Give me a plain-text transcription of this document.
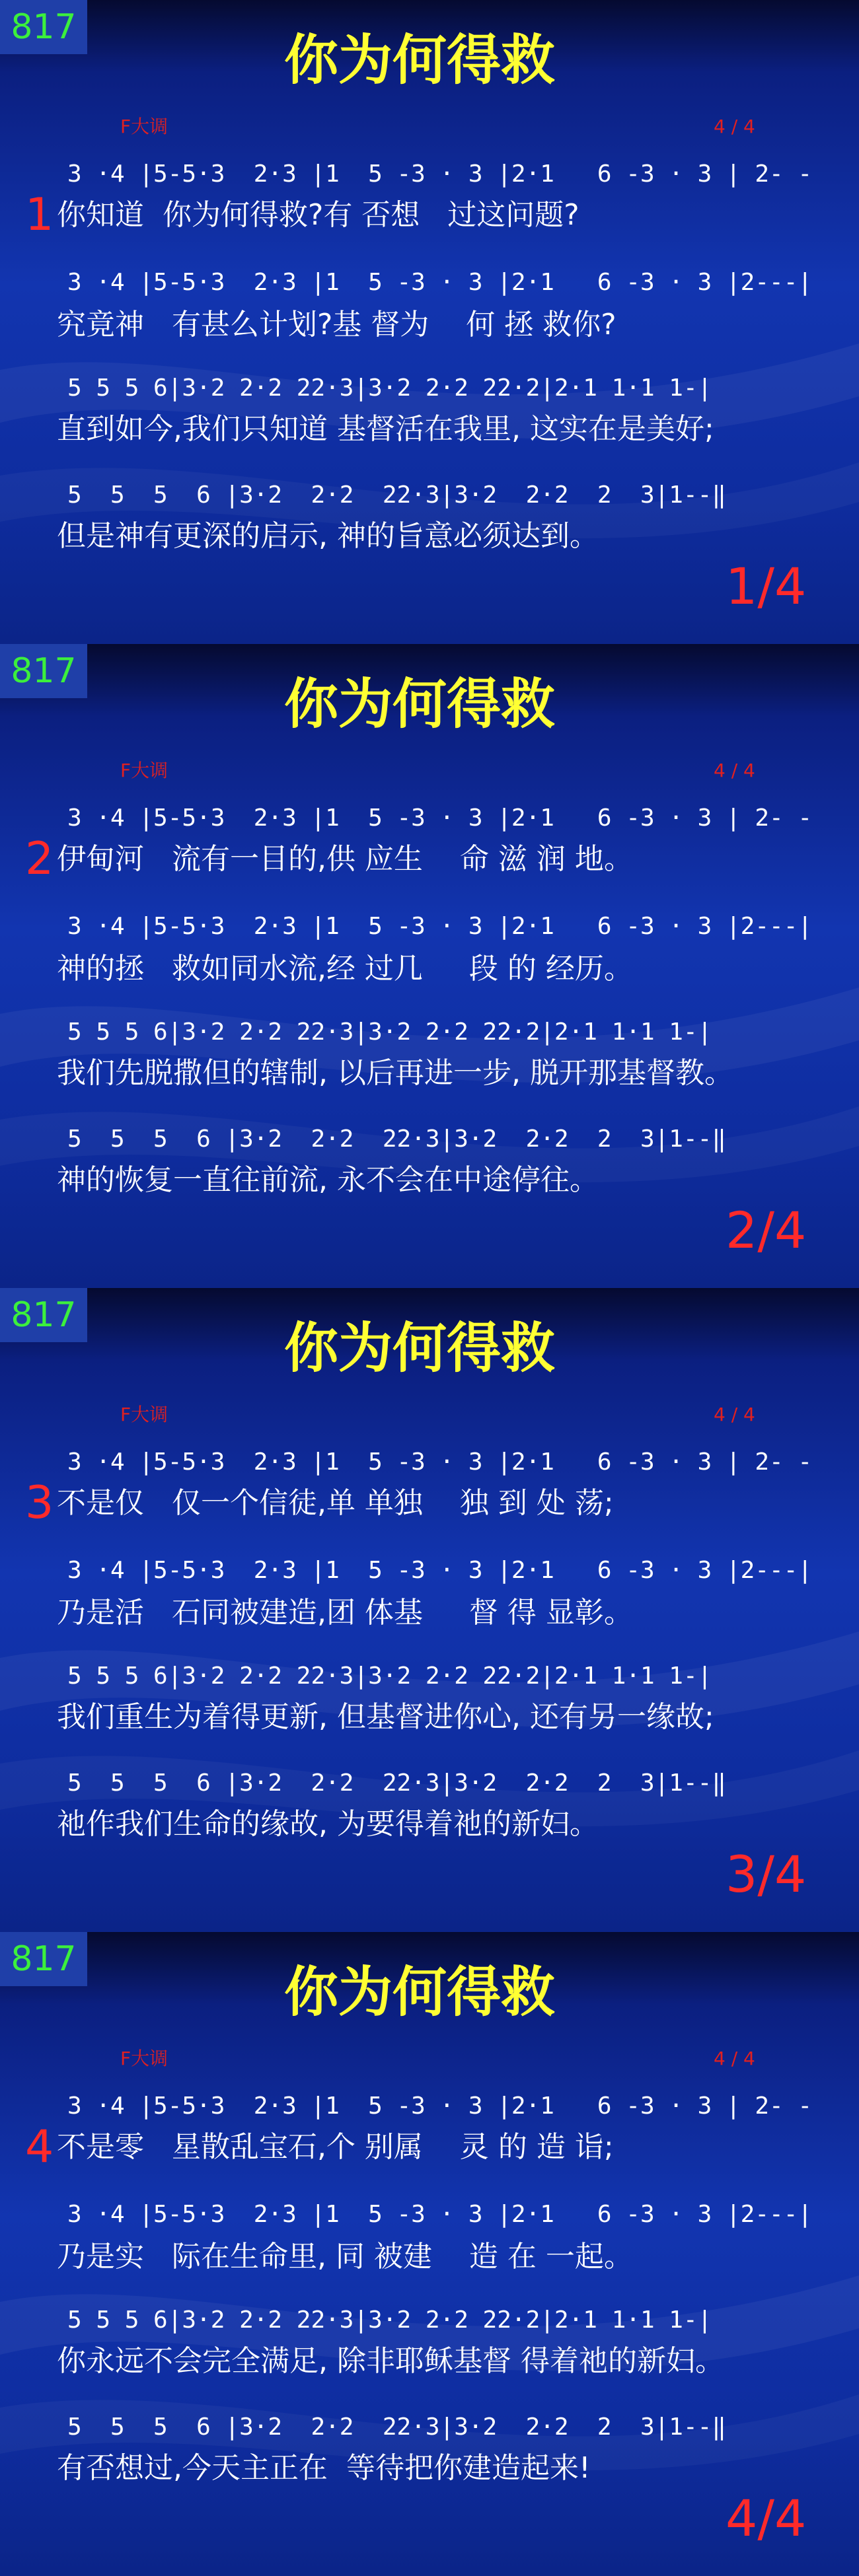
817
你为何得救
F大调	4 / 4
1
3 ·4 |5-5·3  2·3 |1  5 -3 · 3 |2·1   6 -3 · 3 | 2- -
你知道  你为何得救?有 否想   过这问题?
3 ·4 |5-5·3  2·3 |1  5 -3 · 3 |2·1   6 -3 · 3 |2---|
究竟神   有甚么计划?基 督为    何 拯 救你?
5 5 5 6|3·2 2·2 22·3|3·2 2·2 22·2|2·1 1·1 1-|
直到如今,我们只知道 基督活在我里, 这实在是美好;
5  5  5  6 |3·2  2·2  22·3|3·2  2·2  2  3|1--‖
但是神有更深的启示, 神的旨意必须达到。
1/4
817
你为何得救
F大调	4 / 4
2
3 ·4 |5-5·3  2·3 |1  5 -3 · 3 |2·1   6 -3 · 3 | 2- -
伊甸河   流有一目的,供 应生    命 滋 润 地。
3 ·4 |5-5·3  2·3 |1  5 -3 · 3 |2·1   6 -3 · 3 |2---|
神的拯   救如同水流,经 过几     段 的 经历。
5 5 5 6|3·2 2·2 22·3|3·2 2·2 22·2|2·1 1·1 1-|
我们先脱撒但的辖制, 以后再进一步, 脱开那基督教。
5  5  5  6 |3·2  2·2  22·3|3·2  2·2  2  3|1--‖
神的恢复一直往前流, 永不会在中途停往。
2/4
817
你为何得救
F大调	4 / 4
3
3 ·4 |5-5·3  2·3 |1  5 -3 · 3 |2·1   6 -3 · 3 | 2- -
不是仅   仅一个信徒,单 单独    独 到 处 荡;
3 ·4 |5-5·3  2·3 |1  5 -3 · 3 |2·1   6 -3 · 3 |2---|
乃是活   石同被建造,团 体基     督 得 显彰。
5 5 5 6|3·2 2·2 22·3|3·2 2·2 22·2|2·1 1·1 1-|
我们重生为着得更新, 但基督进你心, 还有另一缘故;
5  5  5  6 |3·2  2·2  22·3|3·2  2·2  2  3|1--‖
祂作我们生命的缘故, 为要得着祂的新妇。
3/4
817
你为何得救
F大调	4 / 4
4
3 ·4 |5-5·3  2·3 |1  5 -3 · 3 |2·1   6 -3 · 3 | 2- -
不是零   星散乱宝石,个 别属    灵 的 造 诣;
3 ·4 |5-5·3  2·3 |1  5 -3 · 3 |2·1   6 -3 · 3 |2---|
乃是实   际在生命里, 同 被建    造 在 一起。
5 5 5 6|3·2 2·2 22·3|3·2 2·2 22·2|2·1 1·1 1-|
你永远不会完全满足, 除非耶稣基督 得着祂的新妇。
5  5  5  6 |3·2  2·2  22·3|3·2  2·2  2  3|1--‖
有否想过,今天主正在  等待把你建造起来!
4/4
